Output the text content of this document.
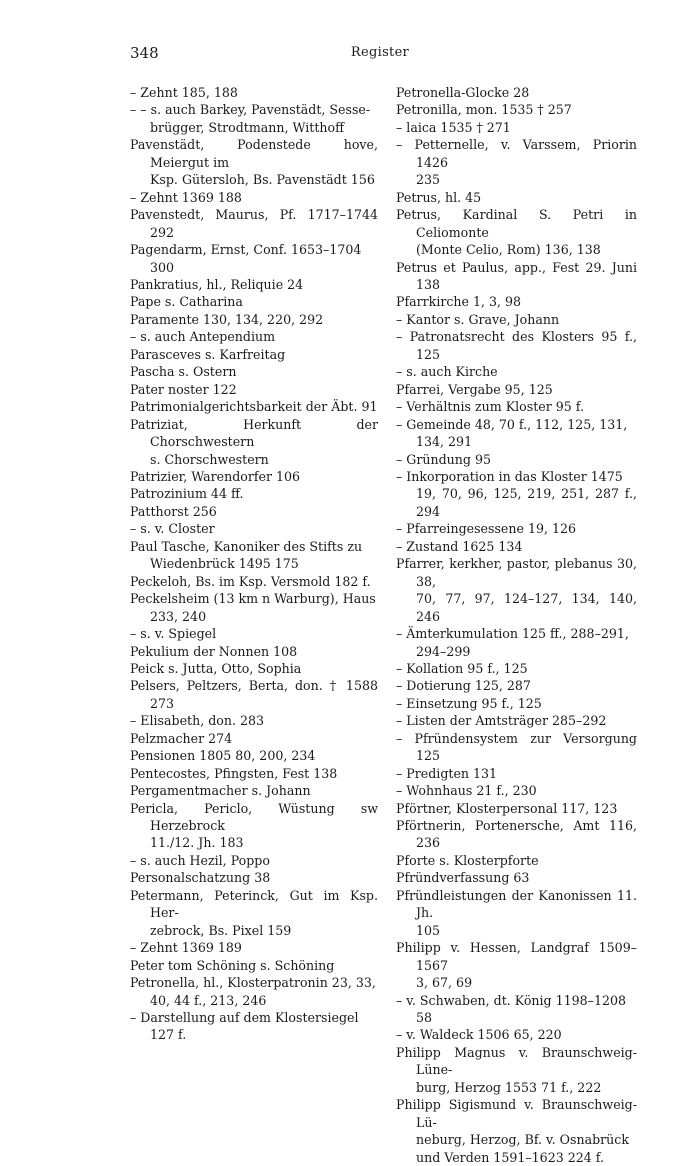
348	Register
– Zehnt 185, 188
– – s. auch Barkey, Pavenstädt, Sesse-
brügger, Strodtmann, Witthoff
Pavenstädt, Podenstede hove, Meiergut im
Ksp. Gütersloh, Bs. Pavenstädt 156
– Zehnt 1369 188
Pavenstedt, Maurus, Pf. 1717–1744 292
Pagendarm, Ernst, Conf. 1653–1704
300
Pankratius, hl., Reliquie 24
Pape s. Catharina
Paramente 130, 134, 220, 292
– s. auch Antependium
Parasceves s. Karfreitag
Pascha s. Ostern
Pater noster 122
Patrimonialgerichtsbarkeit der Äbt. 91
Patriziat, Herkunft der Chorschwestern
s. Chorschwestern
Patrizier, Warendorfer 106
Patrozinium 44 ff.
Patthorst 256
– s. v. Closter
Paul Tasche, Kanoniker des Stifts zu
Wiedenbrück 1495 175
Peckeloh, Bs. im Ksp. Versmold 182 f.
Peckelsheim (13 km n Warburg), Haus
233, 240
– s. v. Spiegel
Pekulium der Nonnen 108
Peick s. Jutta, Otto, Sophia
Pelsers, Peltzers, Berta, don. † 1588 273
– Elisabeth, don. 283
Pelzmacher 274
Pensionen 1805 80, 200, 234
Pentecostes, Pfingsten, Fest 138
Pergamentmacher s. Johann
Pericla, Periclo, Wüstung sw Herzebrock
11./12. Jh. 183
– s. auch Hezil, Poppo
Personalschatzung 38
Petermann, Peterinck, Gut im Ksp. Her-
zebrock, Bs. Pixel 159
– Zehnt 1369 189
Peter tom Schöning s. Schöning
Petronella, hl., Klosterpatronin 23, 33,
40, 44 f., 213, 246
– Darstellung auf dem Klostersiegel
127 f.
Petronella-Glocke 28
Petronilla, mon. 1535 † 257
– laica 1535 † 271
– Petternelle, v. Varssem, Priorin 1426
235
Petrus, hl. 45
Petrus, Kardinal S. Petri in Celiomonte
(Monte Celio, Rom) 136, 138
Petrus et Paulus, app., Fest 29. Juni 138
Pfarrkirche 1, 3, 98
– Kantor s. Grave, Johann
– Patronatsrecht des Klosters 95 f., 125
– s. auch Kirche
Pfarrei, Vergabe 95, 125
– Verhältnis zum Kloster 95 f.
– Gemeinde 48, 70 f., 112, 125, 131,
134, 291
– Gründung 95
– Inkorporation in das Kloster 1475
19, 70, 96, 125, 219, 251, 287 f., 294
– Pfarreingesessene 19, 126
– Zustand 1625 134
Pfarrer, kerkher, pastor, plebanus 30, 38,
70, 77, 97, 124–127, 134, 140, 246
– Ämterkumulation 125 ff., 288–291,
294–299
– Kollation 95 f., 125
– Dotierung 125, 287
– Einsetzung 95 f., 125
– Listen der Amtsträger 285–292
– Pfründensystem zur Versorgung 125
– Predigten 131
– Wohnhaus 21 f., 230
Pförtner, Klosterpersonal 117, 123
Pförtnerin, Portenersche, Amt 116, 236
Pforte s. Klosterpforte
Pfründverfassung 63
Pfründleistungen der Kanonissen 11. Jh.
105
Philipp v. Hessen, Landgraf 1509–1567
3, 67, 69
– v. Schwaben, dt. König 1198–1208
58
– v. Waldeck 1506 65, 220
Philipp Magnus v. Braunschweig-Lüne-
burg, Herzog 1553 71 f., 222
Philipp Sigismund v. Braunschweig-Lü-
neburg, Herzog, Bf. v. Osnabrück
und Verden 1591–1623 224 f.
